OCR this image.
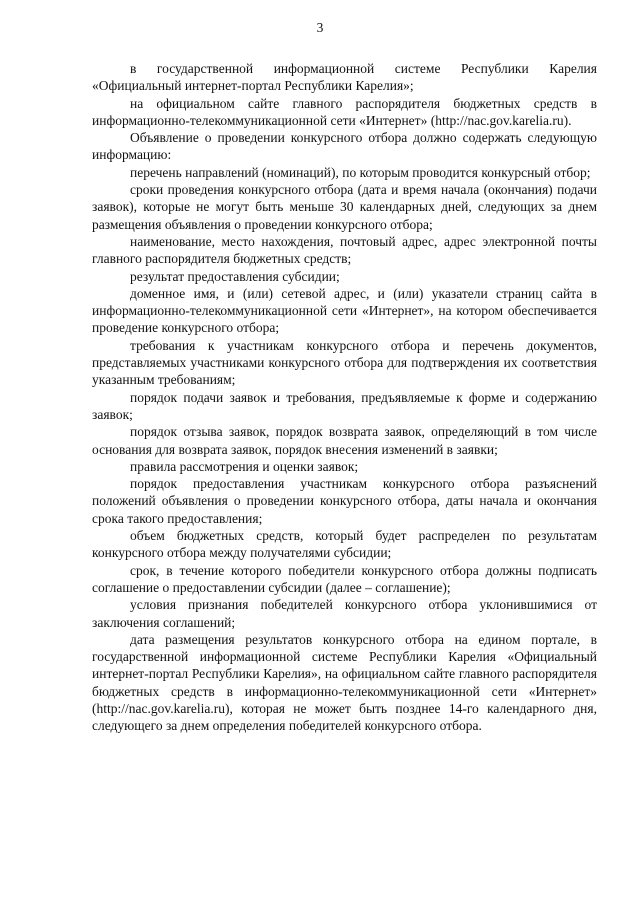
3

в государственной информационной системе Республики Карелия «Официальный интернет-портал Республики Карелия»;

на официальном сайте главного распорядителя бюджетных средств в информационно-телекоммуникационной сети «Интернет» (http://nac.gov.karelia.ru).

Объявление о проведении конкурсного отбора должно содержать следующую информацию:

перечень направлений (номинаций), по которым проводится конкурсный отбор;

сроки проведения конкурсного отбора (дата и время начала (окончания) подачи заявок), которые не могут быть меньше 30 календарных дней, следующих за днем размещения объявления о проведении конкурсного отбора;

наименование, место нахождения, почтовый адрес, адрес электронной почты главного распорядителя бюджетных средств;

результат предоставления субсидии;

доменное имя, и (или) сетевой адрес, и (или) указатели страниц сайта в информационно-телекоммуникационной сети «Интернет», на котором обеспечивается проведение конкурсного отбора;

требования к участникам конкурсного отбора и перечень документов, представляемых участниками конкурсного отбора для подтверждения их соответствия указанным требованиям;

порядок подачи заявок и требования, предъявляемые к форме и содержанию заявок;

порядок отзыва заявок, порядок возврата заявок, определяющий в том числе основания для возврата заявок, порядок внесения изменений в заявки;

правила рассмотрения и оценки заявок;

порядок предоставления участникам конкурсного отбора разъяснений положений объявления о проведении конкурсного отбора, даты начала и окончания срока такого предоставления;

объем бюджетных средств, который будет распределен по результатам конкурсного отбора между получателями субсидии;

срок, в течение которого победители конкурсного отбора должны подписать соглашение о предоставлении субсидии (далее – соглашение);

условия признания победителей конкурсного отбора уклонившимися от заключения соглашений;

дата размещения результатов конкурсного отбора на едином портале, в государственной информационной системе Республики Карелия «Официальный интернет-портал Республики Карелия», на официальном сайте главного распорядителя бюджетных средств в информационно-телекоммуникационной сети «Интернет» (http://nac.gov.karelia.ru), которая не может быть позднее 14-го календарного дня, следующего за днем определения победителей конкурсного отбора.
